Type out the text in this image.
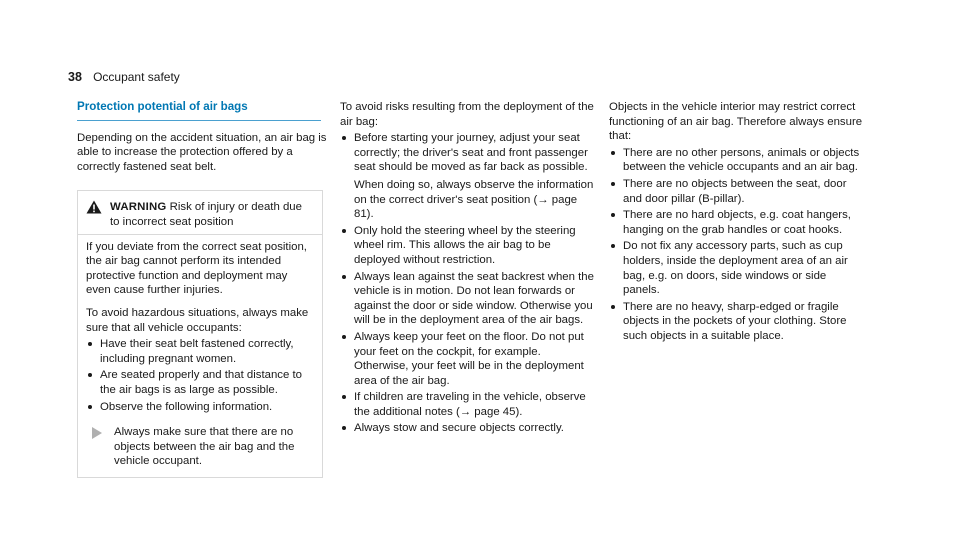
38 Occupant safety
Protection potential of air bags

Depending on the accident situation, an air bag is able to increase the protection offered by a correctly fastened seat belt.

WARNING Risk of injury or death due to incorrect seat position

If you deviate from the correct seat position, the air bag cannot perform its intended protective function and deployment may even cause further injuries.

To avoid hazardous situations, always make sure that all vehicle occupants:

Have their seat belt fastened correctly, including pregnant women.
Are seated properly and that distance to the air bags is as large as possible.
Observe the following information.

Always make sure that there are no objects between the air bag and the vehicle occupant.

To avoid risks resulting from the deployment of the air bag:

Before starting your journey, adjust your seat correctly; the driver's seat and front passenger seat should be moved as far back as possible.

When doing so, always observe the information on the correct driver's seat position (→ page 81).

Only hold the steering wheel by the steering wheel rim. This allows the air bag to be deployed without restriction.
Always lean against the seat backrest when the vehicle is in motion. Do not lean forwards or against the door or side window. Otherwise you will be in the deployment area of the air bags.
Always keep your feet on the floor. Do not put your feet on the cockpit, for example. Otherwise, your feet will be in the deployment area of the air bag.
If children are traveling in the vehicle, observe the additional notes (→ page 45).
Always stow and secure objects correctly.

Objects in the vehicle interior may restrict correct functioning of an air bag. Therefore always ensure that:

There are no other persons, animals or objects between the vehicle occupants and an air bag.
There are no objects between the seat, door and door pillar (B-pillar).
There are no hard objects, e.g. coat hangers, hanging on the grab handles or coat hooks.
Do not fix any accessory parts, such as cup holders, inside the deployment area of an air bag, e.g. on doors, side windows or side panels.
There are no heavy, sharp-edged or fragile objects in the pockets of your clothing. Store such objects in a suitable place.
